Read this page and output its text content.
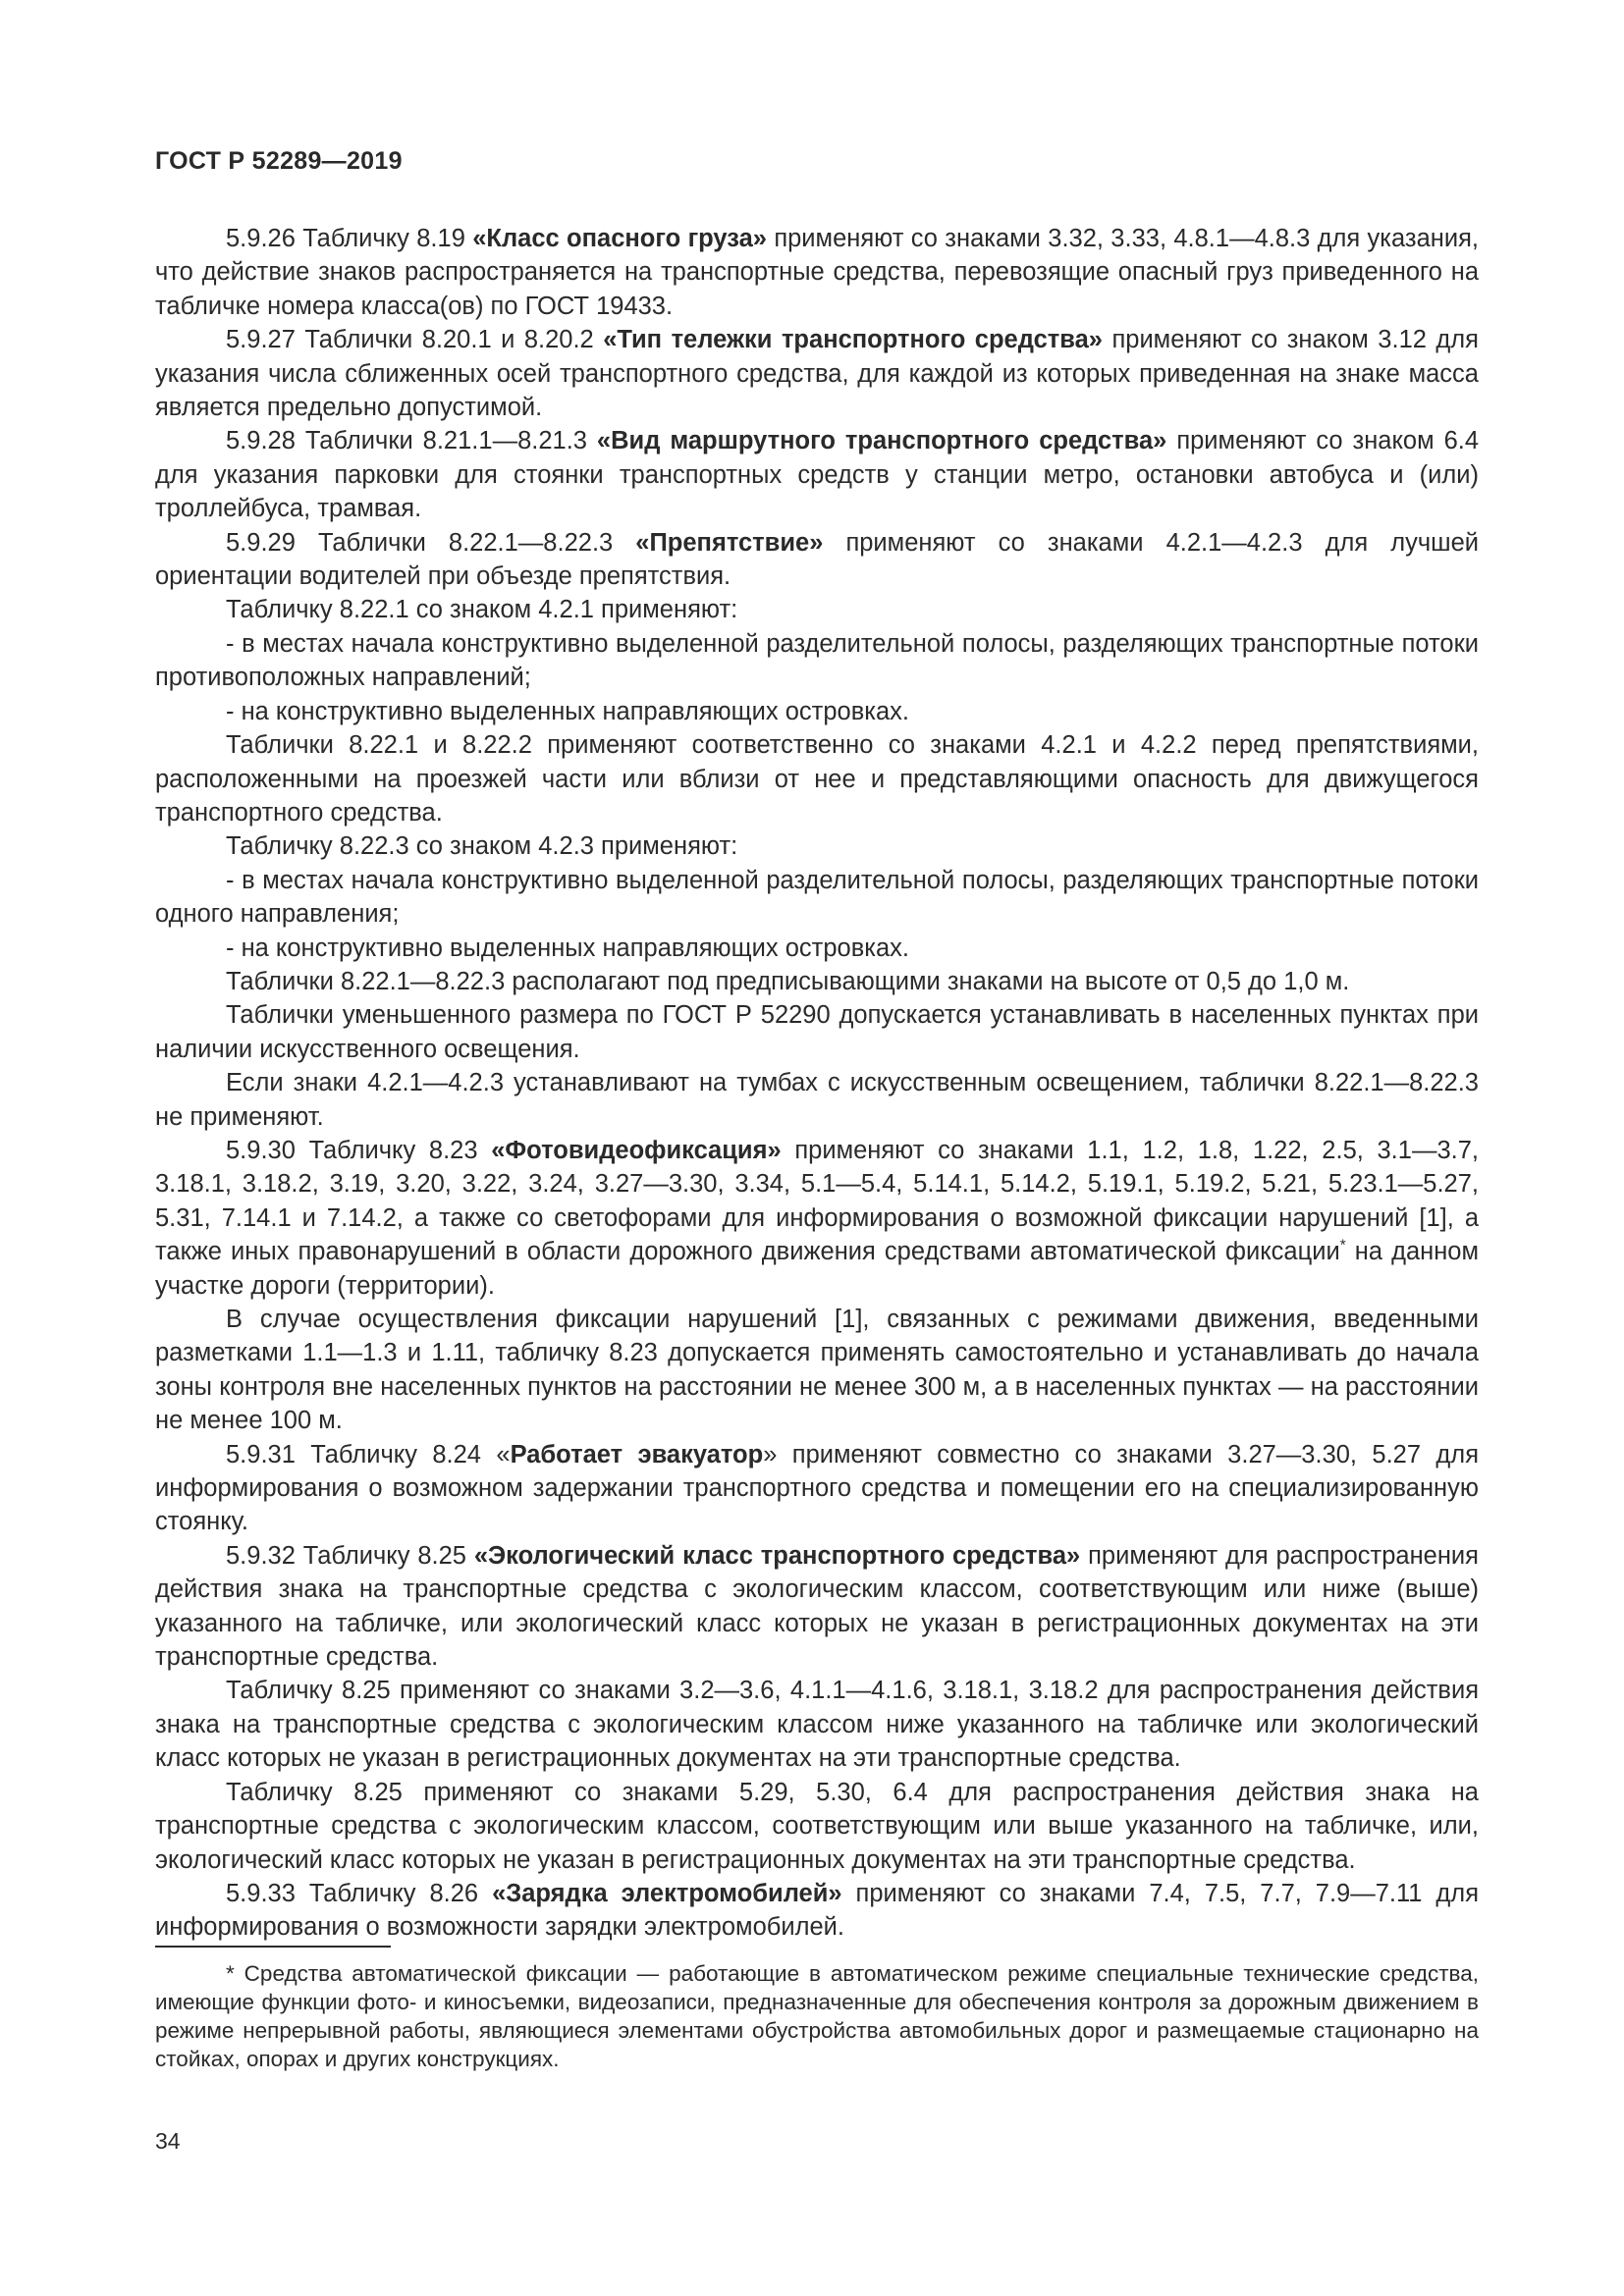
ГОСТ Р 52289—2019

5.9.26 Табличку 8.19 «Класс опасного груза» применяют со знаками 3.32, 3.33, 4.8.1—4.8.3 для указания, что действие знаков распространяется на транспортные средства, перевозящие опасный груз приведенного на табличке номера класса(ов) по ГОСТ 19433.

5.9.27 Таблички 8.20.1 и 8.20.2 «Тип тележки транспортного средства» применяют со знаком 3.12 для указания числа сближенных осей транспортного средства, для каждой из которых приведенная на знаке масса является предельно допустимой.

5.9.28 Таблички 8.21.1—8.21.3 «Вид маршрутного транспортного средства» применяют со знаком 6.4 для указания парковки для стоянки транспортных средств у станции метро, остановки автобуса и (или) троллейбуса, трамвая.

5.9.29 Таблички 8.22.1—8.22.3 «Препятствие» применяют со знаками 4.2.1—4.2.3 для лучшей ориентации водителей при объезде препятствия.

Табличку 8.22.1 со знаком 4.2.1 применяют:

- в местах начала конструктивно выделенной разделительной полосы, разделяющих транспортные потоки противоположных направлений;

- на конструктивно выделенных направляющих островках.

Таблички 8.22.1 и 8.22.2 применяют соответственно со знаками 4.2.1 и 4.2.2 перед препятствиями, расположенными на проезжей части или вблизи от нее и представляющими опасность для движущегося транспортного средства.

Табличку 8.22.3 со знаком 4.2.3 применяют:

- в местах начала конструктивно выделенной разделительной полосы, разделяющих транспортные потоки одного направления;

- на конструктивно выделенных направляющих островках.

Таблички 8.22.1—8.22.3 располагают под предписывающими знаками на высоте от 0,5 до 1,0 м.

Таблички уменьшенного размера по ГОСТ Р 52290 допускается устанавливать в населенных пунктах при наличии искусственного освещения.

Если знаки 4.2.1—4.2.3 устанавливают на тумбах с искусственным освещением, таблички 8.22.1—8.22.3 не применяют.

5.9.30 Табличку 8.23 «Фотовидеофиксация» применяют со знаками 1.1, 1.2, 1.8, 1.22, 2.5, 3.1—3.7, 3.18.1, 3.18.2, 3.19, 3.20, 3.22, 3.24, 3.27—3.30, 3.34, 5.1—5.4, 5.14.1, 5.14.2, 5.19.1, 5.19.2, 5.21, 5.23.1—5.27, 5.31, 7.14.1 и 7.14.2, а также со светофорами для информирования о возможной фиксации нарушений [1], а также иных правонарушений в области дорожного движения средствами автоматической фиксации* на данном участке дороги (территории).

В случае осуществления фиксации нарушений [1], связанных с режимами движения, введенными разметками 1.1—1.3 и 1.11, табличку 8.23 допускается применять самостоятельно и устанавливать до начала зоны контроля вне населенных пунктов на расстоянии не менее 300 м, а в населенных пунктах — на расстоянии не менее 100 м.

5.9.31 Табличку 8.24 «Работает эвакуатор» применяют совместно со знаками 3.27—3.30, 5.27 для информирования о возможном задержании транспортного средства и помещении его на специализированную стоянку.

5.9.32 Табличку 8.25 «Экологический класс транспортного средства» применяют для распространения действия знака на транспортные средства с экологическим классом, соответствующим или ниже (выше) указанного на табличке, или экологический класс которых не указан в регистрационных документах на эти транспортные средства.

Табличку 8.25 применяют со знаками 3.2—3.6, 4.1.1—4.1.6, 3.18.1, 3.18.2 для распространения действия знака на транспортные средства с экологическим классом ниже указанного на табличке или экологический класс которых не указан в регистрационных документах на эти транспортные средства.

Табличку 8.25 применяют со знаками 5.29, 5.30, 6.4 для распространения действия знака на транспортные средства с экологическим классом, соответствующим или выше указанного на табличке, или, экологический класс которых не указан в регистрационных документах на эти транспортные средства.

5.9.33 Табличку 8.26 «Зарядка электромобилей» применяют со знаками 7.4, 7.5, 7.7, 7.9—7.11 для информирования о возможности зарядки электромобилей.

* Средства автоматической фиксации — работающие в автоматическом режиме специальные технические средства, имеющие функции фото- и киносъемки, видеозаписи, предназначенные для обеспечения контроля за дорожным движением в режиме непрерывной работы, являющиеся элементами обустройства автомобильных дорог и размещаемые стационарно на стойках, опорах и других конструкциях.

34
